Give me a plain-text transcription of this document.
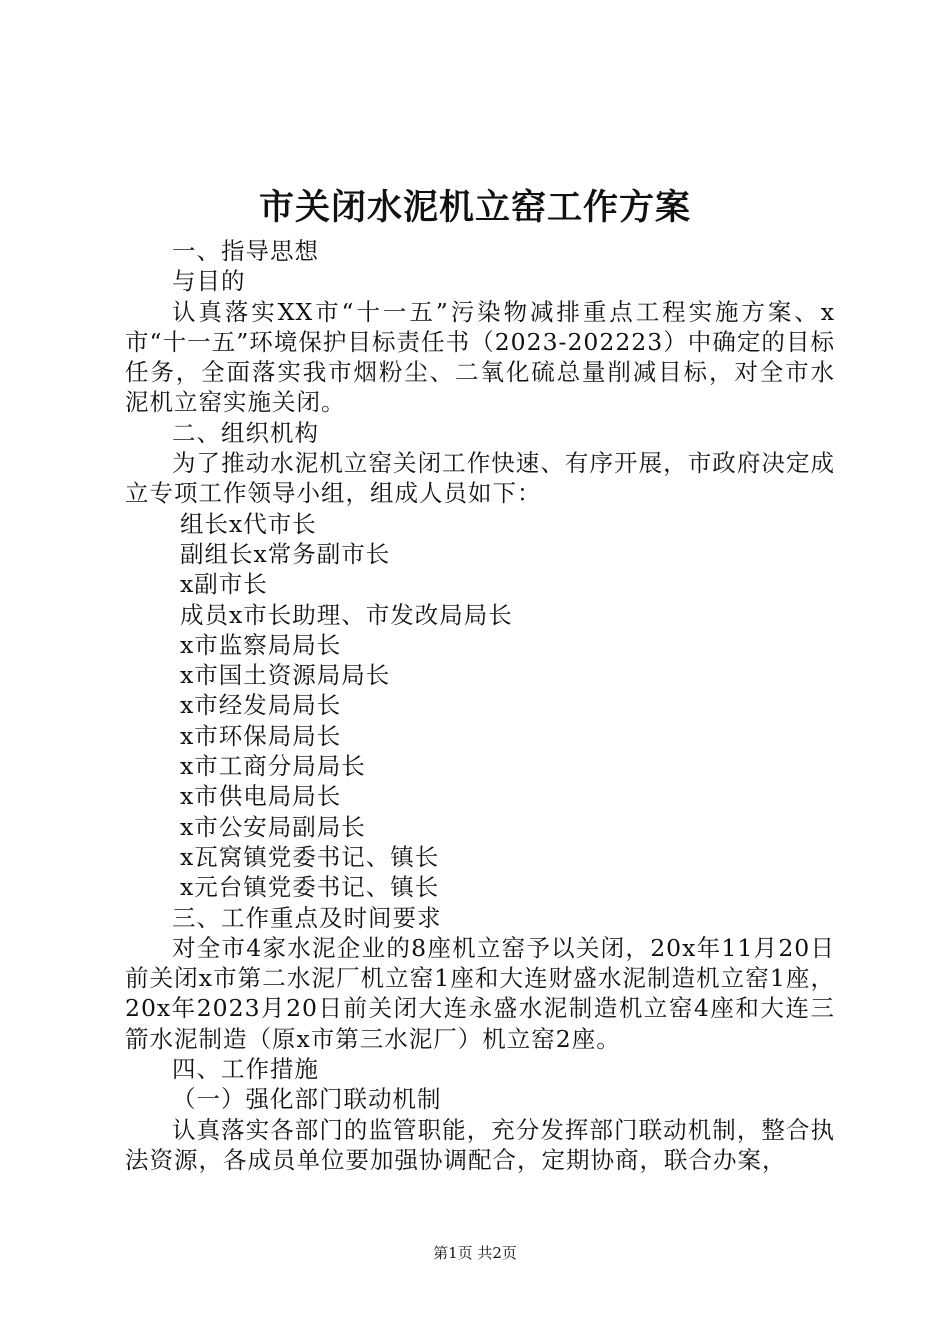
市关闭水泥机立窑工作方案

一、指导思想

与目的

认真落实XX市“十一五”污染物减排重点工程实施方案、x市“十一五”环境保护目标责任书（2023-202223）中确定的目标任务，全面落实我市烟粉尘、二氧化硫总量削减目标，对全市水泥机立窑实施关闭。

二、组织机构

为了推动水泥机立窑关闭工作快速、有序开展，市政府决定成立专项工作领导小组，组成人员如下：

组长x代市长

副组长x常务副市长

x副市长

成员x市长助理、市发改局局长

x市监察局局长

x市国土资源局局长

x市经发局局长

x市环保局局长

x市工商分局局长

x市供电局局长

x市公安局副局长

x瓦窝镇党委书记、镇长

x元台镇党委书记、镇长

三、工作重点及时间要求

对全市4家水泥企业的8座机立窑予以关闭，20x年11月20日前关闭x市第二水泥厂机立窑1座和大连财盛水泥制造机立窑1座，20x年2023月20日前关闭大连永盛水泥制造机立窑4座和大连三箭水泥制造（原x市第三水泥厂）机立窑2座。

四、工作措施

（一）强化部门联动机制

认真落实各部门的监管职能，充分发挥部门联动机制，整合执法资源，各成员单位要加强协调配合，定期协商，联合办案，

第1页 共2页
